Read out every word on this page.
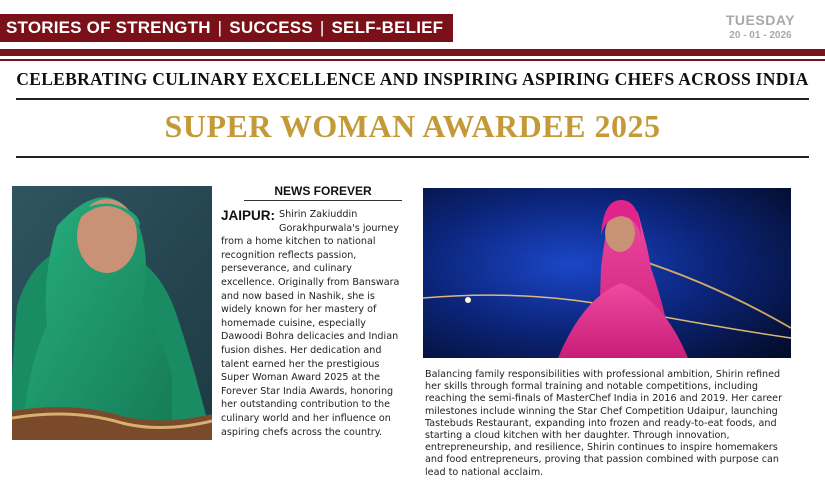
STORIES OF STRENGTH | SUCCESS | SELF-BELIEF	TUESDAY
20 - 01 - 2026
CELEBRATING CULINARY EXCELLENCE AND INSPIRING ASPIRING CHEFS ACROSS INDIA
SUPER WOMAN AWARDEE 2025
NEWS FOREVER
JAIPUR: Shirin Zakiuddin Gorakhpurwala's journey from a home kitchen to national recognition reflects passion, perseverance, and culinary excellence. Originally from Banswara and now based in Nashik, she is widely known for her mastery of homemade cuisine, especially Dawoodi Bohra delicacies and Indian fusion dishes. Her dedication and talent earned her the prestigious Super Woman Award 2025 at the Forever Star India Awards, honoring her outstanding contribution to the culinary world and her influence on aspiring chefs across the country.
Balancing family responsibilities with professional ambition, Shirin refined her skills through formal training and notable competitions, including reaching the semi-finals of MasterChef India in 2016 and 2019. Her career milestones include winning the Star Chef Competition Udaipur, launching Tastebuds Restaurant, expanding into frozen and ready-to-eat foods, and starting a cloud kitchen with her daughter. Through innovation, entrepreneurship, and resilience, Shirin continues to inspire homemakers and food entrepreneurs, proving that passion combined with purpose can lead to national acclaim.
